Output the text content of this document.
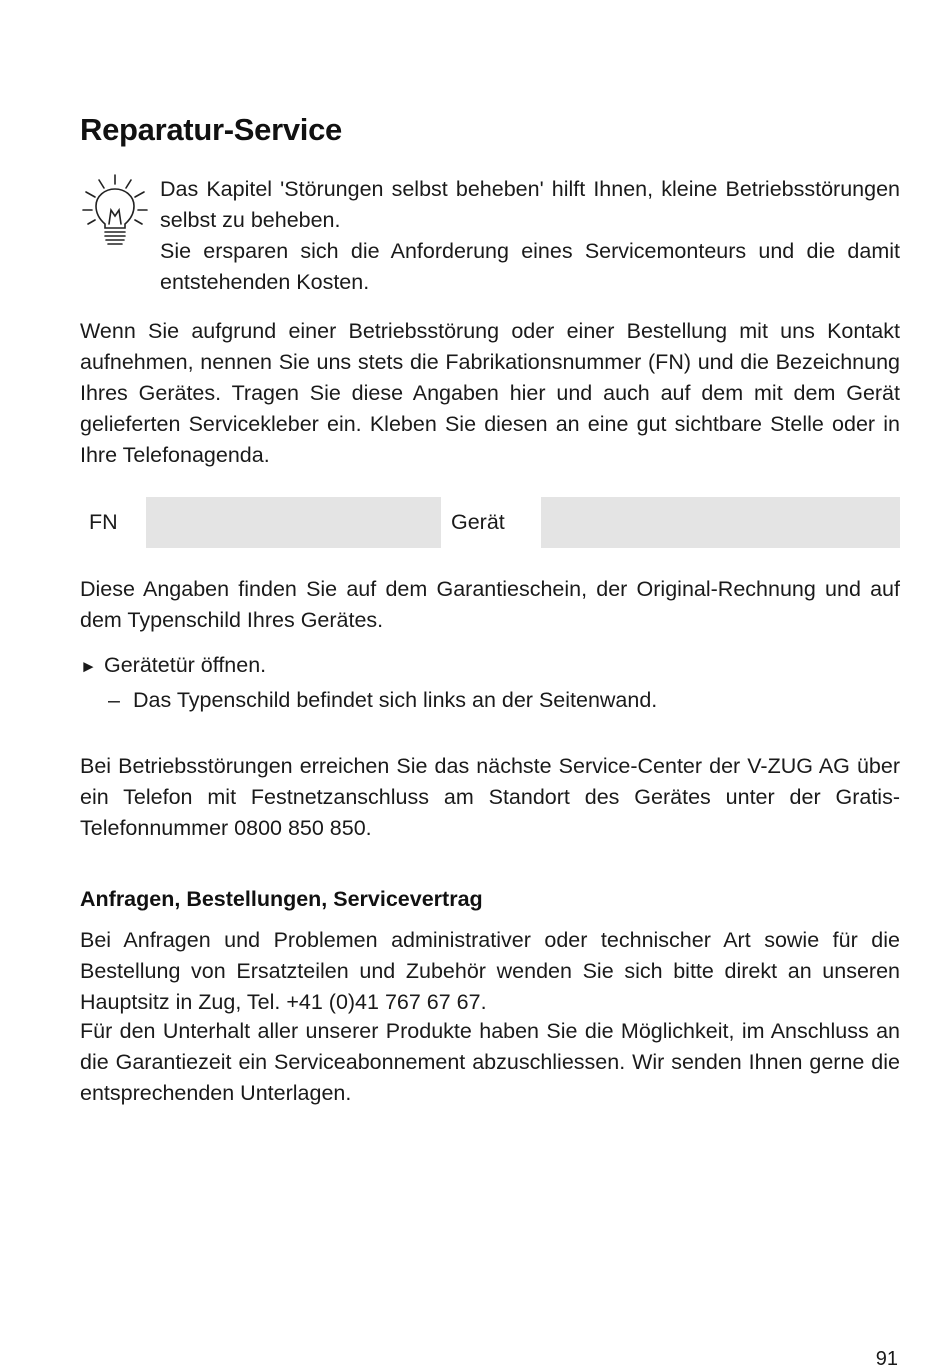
Reparatur-Service

Das Kapitel 'Störungen selbst beheben' hilft Ihnen, kleine Betriebsstörungen selbst zu beheben.

Sie ersparen sich die Anforderung eines Servicemonteurs und die damit entstehenden Kosten.

Wenn Sie aufgrund einer Betriebsstörung oder einer Bestellung mit uns Kontakt aufnehmen, nennen Sie uns stets die Fabrikationsnummer (FN) und die Bezeichnung Ihres Gerätes. Tragen Sie diese Angaben hier und auch auf dem mit dem Gerät gelieferten Servicekleber ein. Kleben Sie diesen an eine gut sichtbare Stelle oder in Ihre Telefonagenda.

FN	Gerät

Diese Angaben finden Sie auf dem Garantieschein, der Original-Rechnung und auf dem Typenschild Ihres Gerätes.

► Gerätetür öffnen.
– Das Typenschild befindet sich links an der Seitenwand.

Bei Betriebsstörungen erreichen Sie das nächste Service-Center der V-ZUG AG über ein Telefon mit Festnetzanschluss am Standort des Gerätes unter der Gratis-Telefonnummer 0800 850 850.

Anfragen, Bestellungen, Servicevertrag

Bei Anfragen und Problemen administrativer oder technischer Art sowie für die Bestellung von Ersatzteilen und Zubehör wenden Sie sich bitte direkt an unseren Hauptsitz in Zug, Tel. +41 (0)41 767 67 67.

Für den Unterhalt aller unserer Produkte haben Sie die Möglichkeit, im Anschluss an die Garantiezeit ein Serviceabonnement abzuschliessen. Wir senden Ihnen gerne die entsprechenden Unterlagen.

91
